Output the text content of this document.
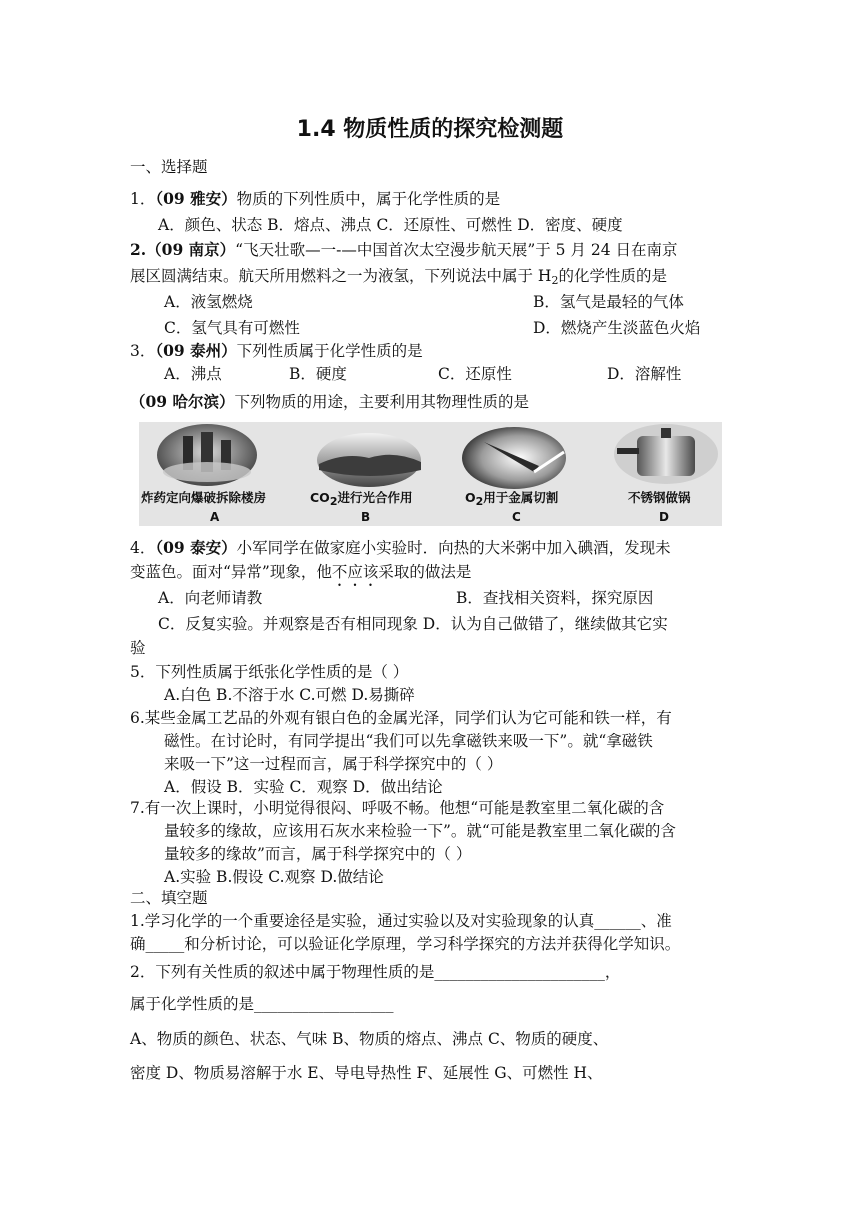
1.4 物质性质的探究检测题
一、选择题
1．（09 雅安）物质的下列性质中，属于化学性质的是
A．颜色、状态 B．熔点、沸点 C．还原性、可燃性 D．密度、硬度
2.（09 南京）“飞天壮歌—一-—中国首次太空漫步航天展”于 5 月 24 日在南京
展区圆满结束。航天所用燃料之一为液氢，下列说法中属于 $H_2$的化学性质的是
A．液氢燃烧	B．氢气是最轻的气体
C．氢气具有可燃性	D．燃烧产生淡蓝色火焰
3．（09 泰州）下列性质属于化学性质的是
A．沸点	B．硬度	C．还原性	D．溶解性
（09 哈尔滨）下列物质的用途，主要利用其物理性质的是
炸药定向爆破拆除楼房	CO2进行光合作用	O2用于金属切割	不锈钢做锅
A	B	C	D
4．（09 泰安）小军同学在做家庭小实验时．向热的大米粥中加入碘酒，发现未
变蓝色。面对“异常”现象，他不应该采取的做法是
A．向老师请教	B．查找相关资料，探究原因
C．反复实验。并观察是否有相同现象 D．认为自己做错了，继续做其它实
验
5．下列性质属于纸张化学性质的是（ ）
A.白色 B.不溶于水 C.可燃 D.易撕碎
6.某些金属工艺品的外观有银白色的金属光泽，同学们认为它可能和铁一样，有
磁性。在讨论时，有同学提出“我们可以先拿磁铁来吸一下”。就“拿磁铁
来吸一下”这一过程而言，属于科学探究中的（ ）
A．假设 B．实验 C．观察 D．做出结论
7.有一次上课时，小明觉得很闷、呼吸不畅。他想“可能是教室里二氧化碳的含
量较多的缘故，应该用石灰水来检验一下”。就“可能是教室里二氧化碳的含
量较多的缘故”而言，属于科学探究中的（ ）
A.实验 B.假设 C.观察 D.做结论
二、填空题
1.学习化学的一个重要途径是实验，通过实验以及对实验现象的认真______、准
确_____和分析讨论，可以验证化学原理，学习科学探究的方法并获得化学知识。
2．下列有关性质的叙述中属于物理性质的是______________________，
属于化学性质的是__________________
A、物质的颜色、状态、气味 B、物质的熔点、沸点 C、物质的硬度、
密度 D、物质易溶解于水 E、导电导热性 F、延展性 G、可燃性 H、
